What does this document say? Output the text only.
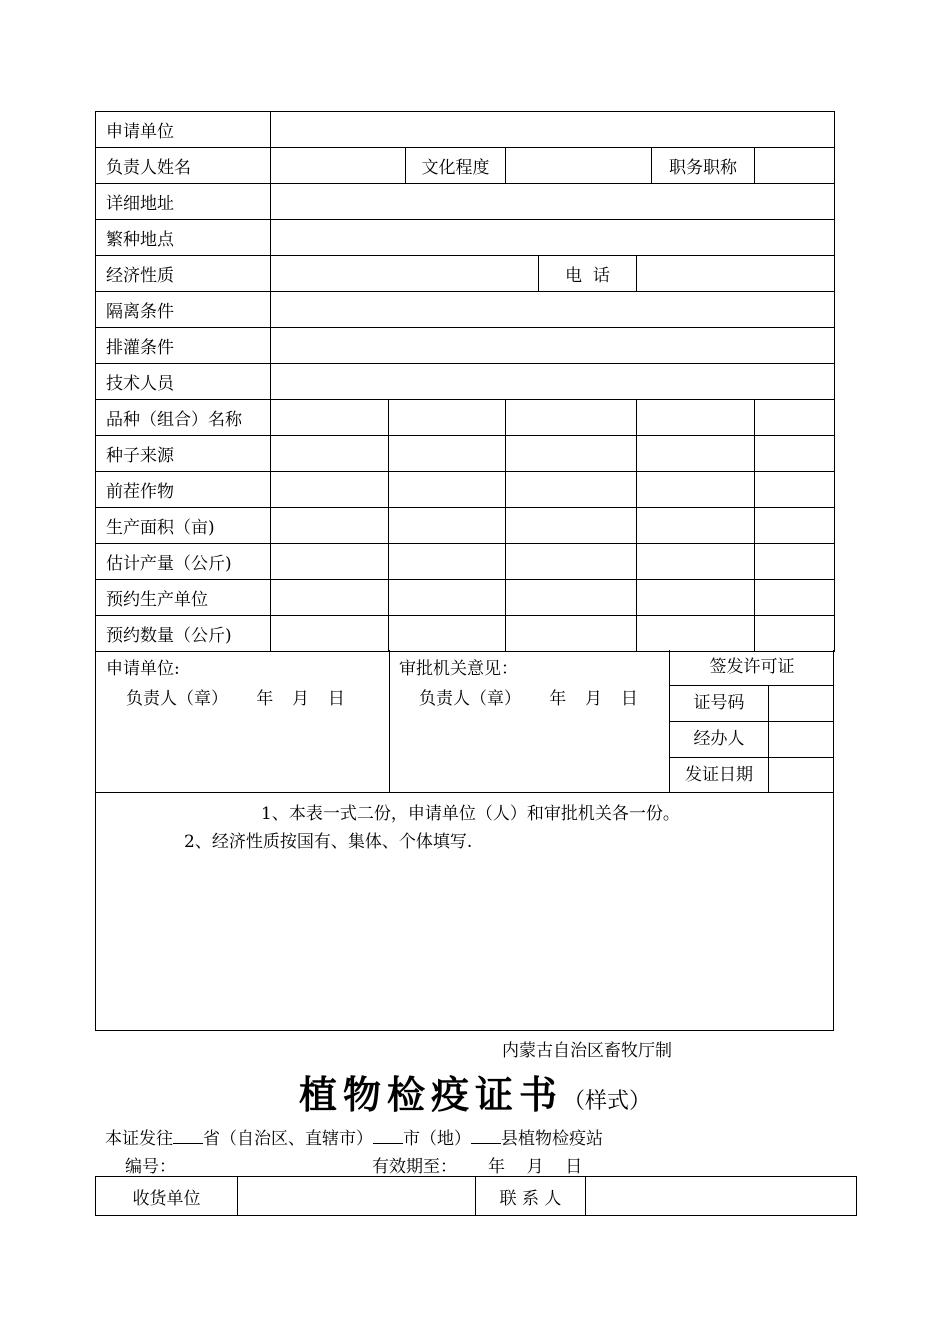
申请单位								
负责人姓名			文化程度				职务职称	
详细地址								
繁种地点								
经济性质					电  话			
隔离条件								
排灌条件								
技术人员								
品种（组合）名称								
种子来源								
前茬作物								
生产面积（亩)								
估计产量（公斤)								
预约生产单位								
预约数量（公斤)								
申请单位:
负责人（章）   年  月  日
审批机关意见：
负责人（章）   年  月  日
签发许可证
证号码
经办人
发证日期
1、本表一式二份，申请单位（人）和审批机关各一份。
2、经济性质按国有、集体、个体填写.
内蒙古自治区畜牧厅制
植物检疫证书（样式）
本证发往 省（自治区、直辖市） 市（地） 县植物检疫站
编号：	有效期至： 年    月    日
收货单位		联 系 人	
